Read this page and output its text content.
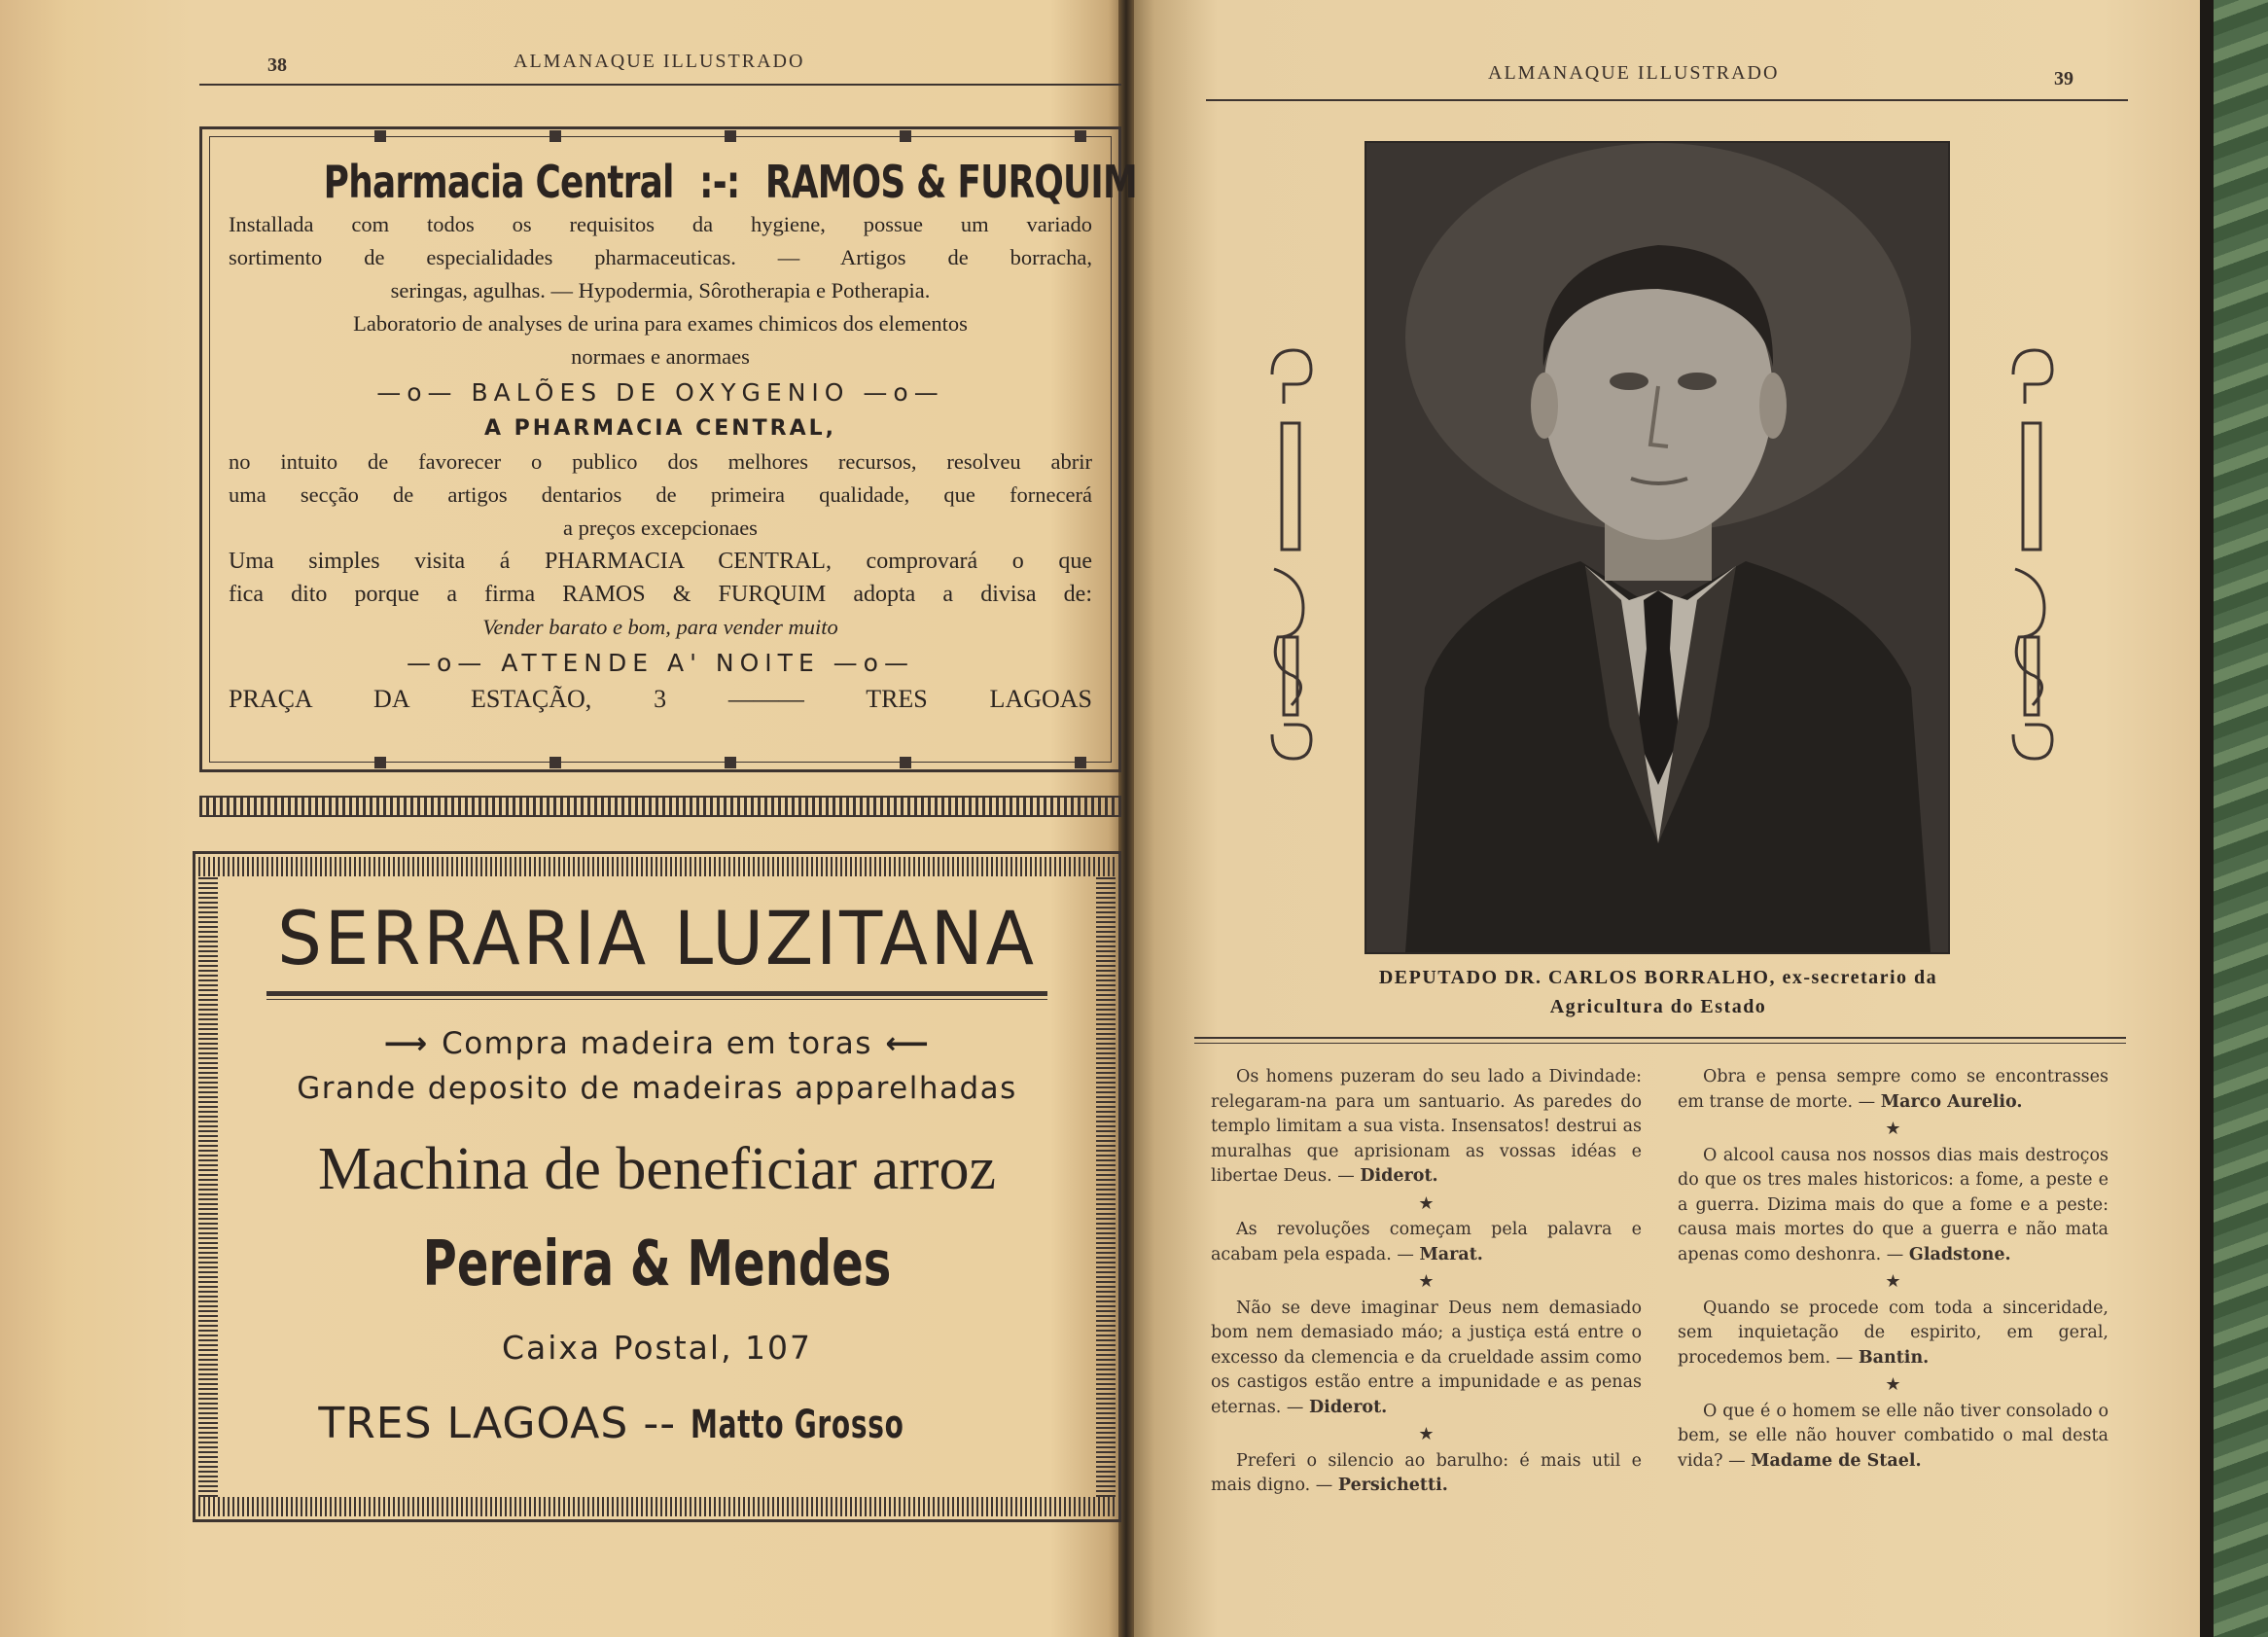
38	ALMANAQUE ILLUSTRADO
Pharmacia Central :-: RAMOS & FURQUIM
Installada com todos os requisitos da hygiene, possue um variado
sortimento de especialidades pharmaceuticas. — Artigos de borracha,
seringas, agulhas. — Hypodermia, Sôrotherapia e Potherapia.
Laboratorio de analyses de urina para exames chimicos dos elementos
normaes e anormaes
—o— BALÕES DE OXYGENIO —o—
A PHARMACIA CENTRAL,
no intuito de favorecer o publico dos melhores recursos, resolveu abrir
uma secção de artigos dentarios de primeira qualidade, que fornecerá
a preços excepcionaes
Uma simples visita á PHARMACIA CENTRAL, comprovará o que
fica dito porque a firma RAMOS & FURQUIM adopta a divisa de:
Vender barato e bom, para vender muito
—o— ATTENDE A' NOITE —o—
PRAÇA DA ESTAÇÃO, 3 ——— TRES LAGOAS
SERRARIA LUZITANA
⟶ Compra madeira em toras ⟵
Grande deposito de madeiras apparelhadas
Machina de beneficiar arroz
Pereira & Mendes
Caixa Postal, 107
TRES LAGOAS -- Matto Grosso
ALMANAQUE ILLUSTRADO	39
DEPUTADO DR. CARLOS BORRALHO, ex-secretario da
Agricultura do Estado

Os homens puzeram do seu lado a Divindade: relegaram-na para um santuario. As paredes do templo limitam a sua vista. Insensatos! destrui as muralhas que aprisionam as vossas idéas e libertae Deus. — Diderot.

★

As revoluções começam pela palavra e acabam pela espada. — Marat.

★

Não se deve imaginar Deus nem demasiado bom nem demasiado máo; a justiça está entre o excesso da clemencia e da crueldade assim como os castigos estão entre a impunidade e as penas eternas. — Diderot.

★

Preferi o silencio ao barulho: é mais util e mais digno. — Persichetti.

Obra e pensa sempre como se encontrasses em transe de morte. — Marco Aurelio.

★

O alcool causa nos nossos dias mais destroços do que os tres males historicos: a fome, a peste e a guerra. Dizima mais do que a fome e a peste: causa mais mortes do que a guerra e não mata apenas como deshonra. — Gladstone.

★

Quando se procede com toda a sinceridade, sem inquietação de espirito, em geral, procedemos bem. — Bantin.

★

O que é o homem se elle não tiver consolado o bem, se elle não houver combatido o mal desta vida? — Madame de Stael.
